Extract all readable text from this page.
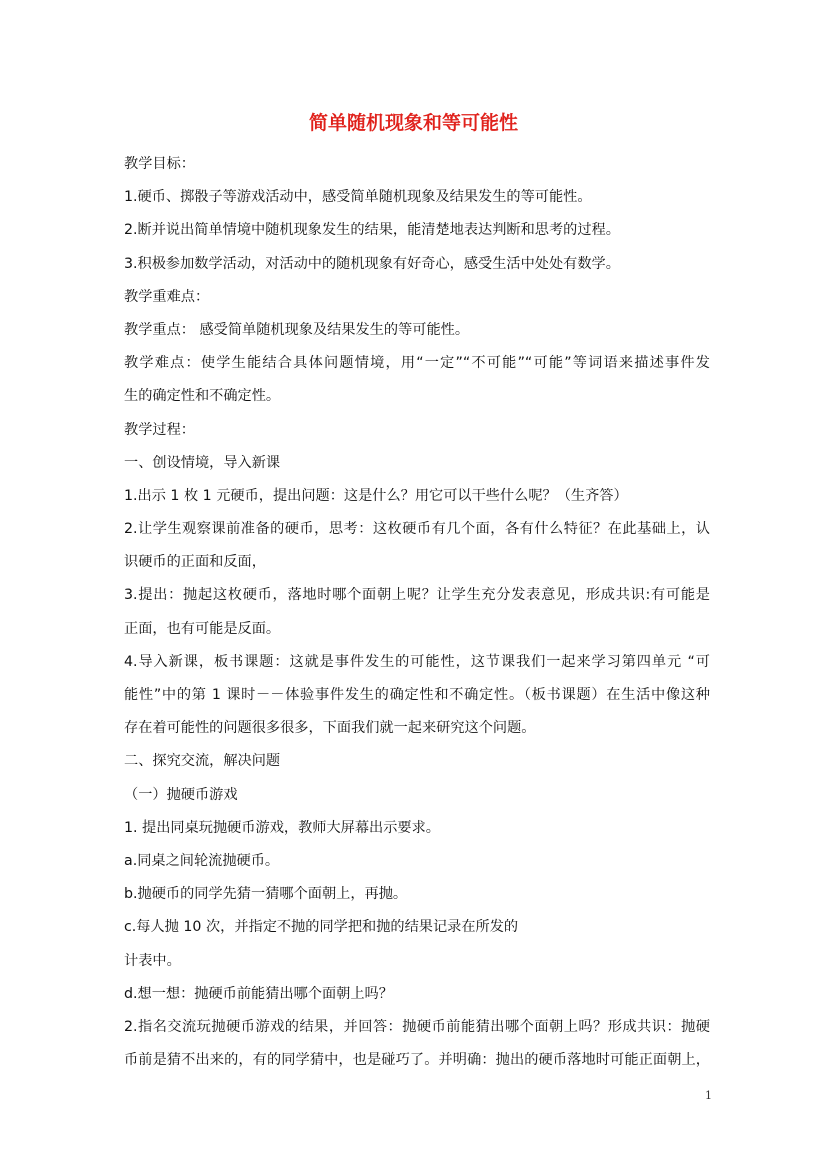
简单随机现象和等可能性
教学目标：
1.硬币、掷骰子等游戏活动中，感受简单随机现象及结果发生的等可能性。
2.断并说出简单情境中随机现象发生的结果，能清楚地表达判断和思考的过程。
3.积极参加数学活动，对活动中的随机现象有好奇心，感受生活中处处有数学。
教学重难点：
教学重点： 感受简单随机现象及结果发生的等可能性。
教学难点：使学生能结合具体问题情境，用“一定”“不可能”“可能”等词语来描述事件发
生的确定性和不确定性。
教学过程：
一、创设情境，导入新课
1.出示 1 枚 1 元硬币，提出问题：这是什么？用它可以干些什么呢？（生齐答）
2.让学生观察课前准备的硬币，思考：这枚硬币有几个面，各有什么特征？在此基础上，认
识硬币的正面和反面，
3.提出：抛起这枚硬币，落地时哪个面朝上呢？让学生充分发表意见，形成共识:有可能是
正面，也有可能是反面。
4.导入新课，板书课题：这就是事件发生的可能性，这节课我们一起来学习第四单元 “可
能性”中的第 1 课时－－体验事件发生的确定性和不确定性。（板书课题）在生活中像这种
存在着可能性的问题很多很多，下面我们就一起来研究这个问题。
二、探究交流，解决问题
（一）抛硬币游戏
1. 提出同桌玩抛硬币游戏，教师大屏幕出示要求。
a.同桌之间轮流抛硬币。
b.抛硬币的同学先猜一猜哪个面朝上，再抛。
c.每人抛 10 次，并指定不抛的同学把和抛的结果记录在所发的
计表中。
d.想一想：抛硬币前能猜出哪个面朝上吗？
2.指名交流玩抛硬币游戏的结果，并回答：抛硬币前能猜出哪个面朝上吗？形成共识：抛硬
币前是猜不出来的，有的同学猜中，也是碰巧了。并明确：抛出的硬币落地时可能正面朝上，
1
